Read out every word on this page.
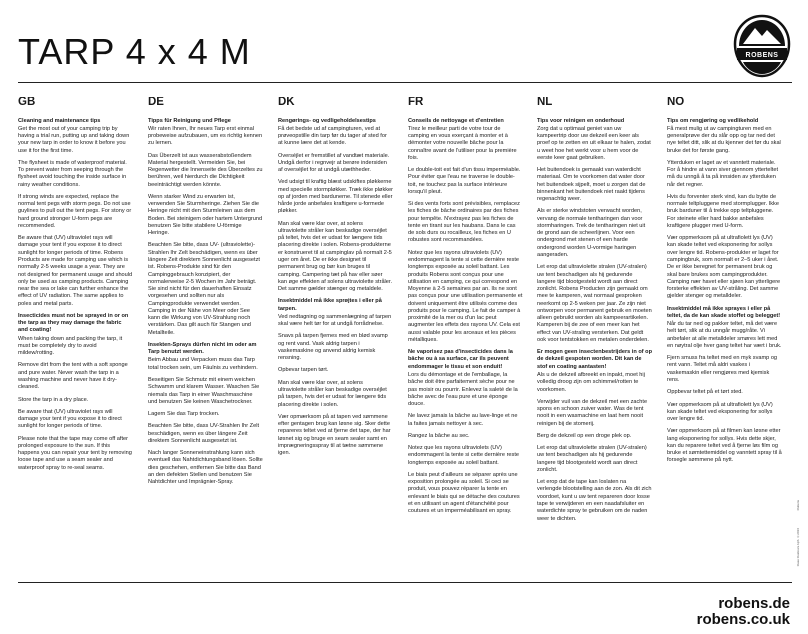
TARP 4 x 4 M	ROBENS
GB

Cleaning and maintenance tips

Get the most out of your camping trip by having a trial run, putting up and taking down your new tarp in order to know it before you use it for the first time.

The flysheet is made of waterproof material. To prevent water from seeping through the flysheet avoid touching the inside surface in rainy weather conditions.

If strong winds are expected, replace the normal tent pegs with storm pegs. Do not use guylines to pull out the tent pegs. For stony or hard ground stronger U-form pegs are recommended.

Be aware that (UV) ultraviolet rays will damage your tent if you expose it to direct sunlight for longer periods of time. Robens Products are made for camping use which is normally 2-5 weeks usage a year. They are not designed for permanent usage and should only be used as camping products. Camping near the sea or lake can further enhance the effect of UV radiation. The same applies to poles and metal parts.

Insecticides must not be sprayed in or on the tarp as they may damage the fabric and coating!

When taking down and packing the tarp, it must be completely dry to avoid mildew/rotting.

Remove dirt from the tent with a soft sponge and pure water. Never wash the tarp in a washing machine and never have it dry-cleaned.

Store the tarp in a dry place.

Be aware that (UV) ultraviolet rays will damage your tent if you expose it to direct sunlight for longer periods of time.

Please note that the tape may come off after prolonged exposure to the sun. If this happens you can repair your tent by removing loose tape and use a seam sealer and waterproof spray to re-seal seams.

DE

Tipps für Reinigung und Pflege

Wir raten Ihnen, Ihr neues Tarp erst einmal probeweise aufzubauen, um es richtig kennen zu lernen.

Das Überzelt ist aus wasserabstoßendem Material hergestellt. Vermeiden Sie, bei Regenwetter die Innenseite des Überzeltes zu berühren, weil hierdurch die Dichtigkeit beeinträchtigt werden könnte.

Wenn starker Wind zu erwarten ist, verwenden Sie Sturmheringe. Ziehen Sie die Heringe nicht mit den Sturmleinen aus dem Boden. Bei steinigem oder hartem Untergrund benutzen Sie bitte stabilere U-förmige Heringe.

Beachten Sie bitte, dass UV- (ultraviolette)- Strahlen Ihr Zelt beschädigen, wenn es über längere Zeit direktem Sonnenlicht ausgesetzt ist. Robens-Produkte sind für den Campinggebrauch konzipiert, der normalerweise 2-5 Wochen im Jahr beträgt. Sie sind nicht für den dauerhaften Einsatz vorgesehen und sollten nur als Campingprodukte verwendet werden. Camping in der Nähe von Meer oder See kann die Wirkung von UV-Strahlung noch verstärken. Das gilt auch für Stangen und Metallteile.

Insekten-Sprays dürfen nicht im oder am Tarp benutzt werden.

Beim Abbau und Verpacken muss das Tarp total trocken sein, um Fäulnis zu verhindern.

Beseitigen Sie Schmutz mit einem weichen Schwamm und klarem Wasser. Waschen Sie niemals das Tarp in einer Waschmaschine und benutzen Sie keinen Waschetrockner.

Lagern Sie das Tarp trocken.

Beachten Sie bitte, dass UV-Strahlen Ihr Zelt beschädigen, wenn es über längere Zeit direktem Sonnenlicht ausgesetzt ist.

Nach langer Sonneneinstrahlung kann sich eventuell das Nahtdichtungsband lösen. Sollte dies geschehen, entfernen Sie bitte das Band an den defekten Stellen und benutzen Sie Nahtdichter und Imprägnier-Spray.

DK

Rengørings- og vedligeholdelsestips

Få det bedste ud af campingturen, ved at prøveopstille din tarp før du tager af sted for at kunne lære det at kende.

Overséjlet er fremstillet af vandtæt materiale. Undgå derfor i regnvejr at berøre indersiden af overséjlet for at undgå utæthheder.

Ved udsigt til kraftig blæst udskiftes pløkkerne med specielle stormpløkker. Træk ikke pløkker op af jorden med bardunerne. Til stenede eller hårde jorde anbefales kraftigere u-formede pløkker.

Man skal være klar over, at solens ultraviolette stråler kan beskadige overséjlet på teltet, hvis det er udsat for længere tids placering direkte i solen. Robens-produkterne er konstrueret til at campinglav på normalt 2-5 uger om året. De er ikke designet til permanent brug og bør kun bruges til camping. Campering tæt på hav eller søer kan øge effekten af solens ultraviolette stråler. Det samme gælder stænger og metaldele.

Insektmiddel må ikke sprøjtes i eller på tarpen.

Ved nedtagning og sammenlægning af tarpen skal være helt tør for at undgå forrådnelse.

Snavs på tarpen fjernes med en blød svamp og rent vand. Vask aldrig tarpen i vaskemaskine og anvend aldrig kemisk rensning.

Opbevar tarpen tørt.

Man skal være klar over, at solens ultraviolette stråler kan beskadige overséjlet på tarpen, hvis det er udsat for længere tids placering direkte i solen.

Vær opmærksom på at tapen ved sømmene efter gentagen brug kan løsne sig. Sker dette repareres teltet ved at fjerne det tape, der har løsnet sig og bruge en seam sealer samt en imprægneringsspray til at tætne sømmene igen.

FR

Conseils de nettoyage et d'entretien

Tirez le meilleur parti de votre tour de camping en vous exerçant à monter et à démonter votre nouvelle bâche pour la connaître avant de l'utiliser pour la première fois.

Le double-toit est fait d'un tissu imperméable. Pour éviter que l'eau ne traverse le double-toit, ne touchez pas la surface intérieure lorsqu'il pleut.

Si des vents forts sont prévisibles, remplacez les fiches de bâche ordinaires par des fiches pour tempête. N'extrayez pas les fiches de tente en tirant sur les haubans. Dans le cas de sols durs ou rocailleux, les fiches en U robustes sont recommandées.

Notez que les rayons ultraviolets (UV) endommagent la tente si cette dernière reste longtemps exposée au soleil battant. Les produits Robens sont conçus pour une utilisation en camping, ce qui correspond en Moyenne à 2-5 semaines par an. Ils ne sont pas conçus pour une utilisation permanente et doivent uniquement être utilisés comme des produits pour le camping. Le fait de camper à proximité de la mer ou d'un lac peut augmenter les effets des rayons UV. Cela est aussi valable pour les arceaux et les pièces métalliques.

Ne vaporisez pas d'insecticides dans la bâche ou à sa surface, car ils peuvent endommager le tissu et son enduit!

Lors du démontage et de l'emballage, la bâche doit être parfaitement sèche pour ne pas moisir ou pourrir. Enlevez la saleté de la bâche avec de l'eau pure et une éponge douce.

Ne lavez jamais la bâche au lave-linge et ne la faites jamais nettoyer à sec.

Rangez la bâche au sec.

Notez que les rayons ultraviolets (UV) endommagent la tente si cette dernière reste longtemps exposée au soleil battant.

Le biais peut d'ailleurs se séparer après une exposition prolongée au soleil. Si ceci se produit, vous pouvez réparer la tente en enlevant le biais qui se détache des coutures et en utilisant un agent d'étanchéité pour coutures et un imperméabilisant en spray.

NL

Tips voor reinigen en onderhoud

Zorg dat u optimaal geniet van uw kampeertrip door uw dekzeil een keer als proef op te zetten en uit elkaar te halen, zodat u weet hoe het werkt voor u hem voor de eerste keer gaat gebruiken.

Het buitendoek is gemaakt van waterdicht materiaal. Om te voorkomen dat water door het buitendoek sijpelt, moet u zorgen dat de binnenkant het buitendoek niet raakt tijdens regenachtig weer.

Als er sterke windstoten verwacht worden, vervang de normale tentharingen dan voor stormharingen. Trek de tentharingen niet uit de grond aan de scheerlijnen. Voor een ondergrond met stenen of een harde ondergrond worden U-vormige haringen aangeraden.

Let erop dat ultraviolette stralen (UV-stralen) uw tent beschadigen als hij gedurende langere tijd blootgesteld wordt aan direct zonlicht. Robens Producten zijn gemaakt om mee te kamperen, wat normaal gesproken neerkomt op 2-5 weken per jaar. Ze zijn niet ontworpen voor permanent gebruik en moeten alleen gebruikt worden als kampeerartikelen. Kamperen bij de zee of een meer kan het effect van UV-straling versterken. Dat geldt ook voor tentstokken en metalen onderdelen.

Er mogen geen insectenbestrijders in of op de dekzeil gespoten worden. Dit kan de stof en coating aantasten!

Als u de dekzeil afbreekt en inpakt, moet hij volledig droog zijn om schimmel/rotten te voorkomen.

Verwijder vuil van de dekzeil met een zachte spons en schoon zuiver water. Was de tent nooit in een wasmachine en laat hem nooit reinigen bij de stomerij.

Berg de dekzeil op een droge plek op.

Let erop dat ultraviolette stralen (UV-stralen) uw tent beschadigen als hij gedurende langere tijd blootgesteld wordt aan direct zonlicht.

Let erop dat de tape kan loslaten na verlengde blootstelling aan de zon. Als dit zich voordoet, kunt u uw tent repareren door losse tape te verwijderen en een naadafsluiter en waterdichte spray te gebruiken om de naden weer te dichten.

NO

Tips om rengjøring og vedlikehold

Få mest mulig ut av campingturen med en generalprøve der du slår opp og tar ned det nye teltet ditt, slik at du kjenner det før du skal bruke det for første gang.

Ytterduken er laget av et vanntett materiale. For å hindre at vann siver gjennom ytterteltet må du unngå å ta på innsiden av ytterduken når det regner.

Hvis du forventer sterk vind, kan du bytte de normale teltpluggene med stormplugger. Ikke bruk barduner til å trekke opp teltpluggene. For steinete eller hard bakke anbefales kraftigere plugger med U-form.

Vær oppmerksom på at ultrafiolett lys (UV) kan skade teltet ved eksponering for sollys over lengre tid. Robens-produkter er laget for campingbruk, som normalt er 2–5 uker i året. De er ikke beregnet for permanent bruk og skal bare brukes som campingprodukter. Camping nær havet eller sjøen kan ytterligere forsterke effekten av UV-stråling. Det samme gjelder stenger og metalldeler.

Insektmiddel må ikke sprayes i eller på teltet, da de kan skade stoffet og belegget!

Når du tar ned og pakker teltet, må det være helt tørt, slik at du unngår mugg/råte. Vi anbefaler at alle metalldeler smøres lett med en nøytral olje hver gang teltet har vært i bruk.

Fjern smuss fra teltet med en myk svamp og rent vann. Teltet må aldri vaskes i vaskemaskin eller rengjøres med kjemisk rens.

Oppbevar teltet på et tørt sted.

Vær oppmerksom på at ultrafiolett lys (UV) kan skade teltet ved eksponering for sollys over lengre tid.

Vær oppmerksom på at filmen kan løsne etter lang eksponering for sollys. Hvis dette skjer, kan du reparere teltet ved å fjerne løs film og bruke et sømtettemiddel og vanntett spray til å forsegle sømmene på nytt.

Oase Outdoors ApS ©2016
Robens
robens.de
robens.co.uk
